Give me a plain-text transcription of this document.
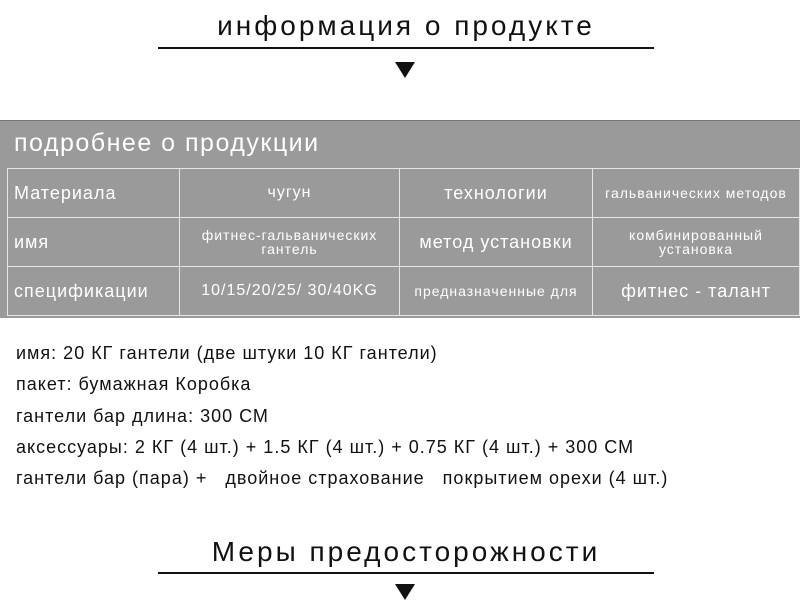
информация о продукте
подробнее о продукции
Материала	чугун	технологии	гальванических методов
имя	фитнес-гальванических гантель	метод установки	комбинированный установка
спецификации	10/15/20/25/ 30/40KG	предназначенные для	фитнес - талант
имя: 20 КГ гантели (две штуки 10 КГ гантели)
пакет: бумажная Коробка
гантели бар длина: 300 СМ
аксессуары: 2 КГ (4 шт.) + 1.5 КГ (4 шт.) + 0.75 КГ (4 шт.) + 300 СМ
гантели бар (пара) +   двойное страхование   покрытием орехи (4 шт.)
Меры предосторожности
